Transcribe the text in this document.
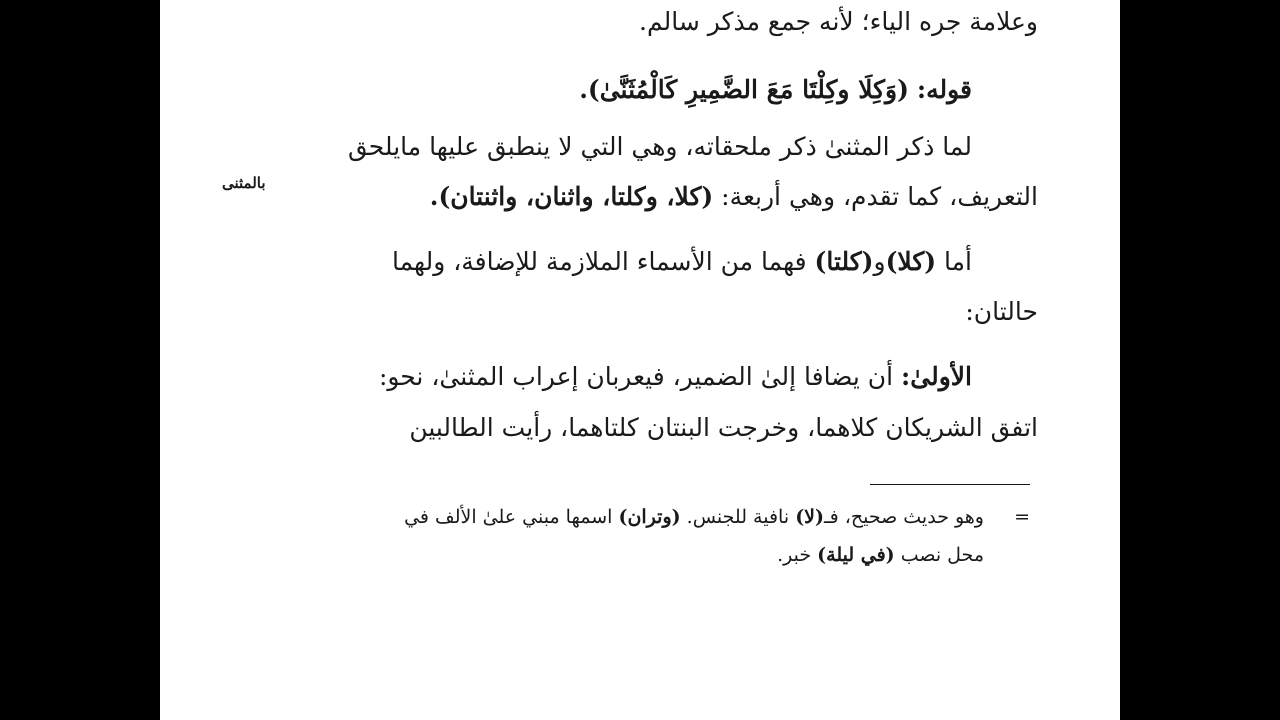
وعلامة جره الياء؛ لأنه جمع مذكر سالم.
قوله: (وَكِلَا وكِلْتَا مَعَ الضَّمِيرِ كَالْمُثَنَّىٰ).
لما ذكر المثنىٰ ذكر ملحقاته، وهي التي لا ينطبق عليها مايلحق
بالمثنى	التعريف، كما تقدم، وهي أربعة: (كلا، وكلتا، واثنان، واثنتان).
أما (كلا)و(كلتا) فهما من الأسماء الملازمة للإضافة، ولهما
حالتان:
الأولىٰ: أن يضافا إلىٰ الضمير، فيعربان إعراب المثنىٰ، نحو:
اتفق الشريكان كلاهما، وخرجت البنتان كلتاهما، رأيت الطالبين
=
وهو حديث صحيح، فـ(لا) نافية للجنس. (وتران) اسمها مبني علىٰ الألف في
محل نصب (في ليلة) خبر.
